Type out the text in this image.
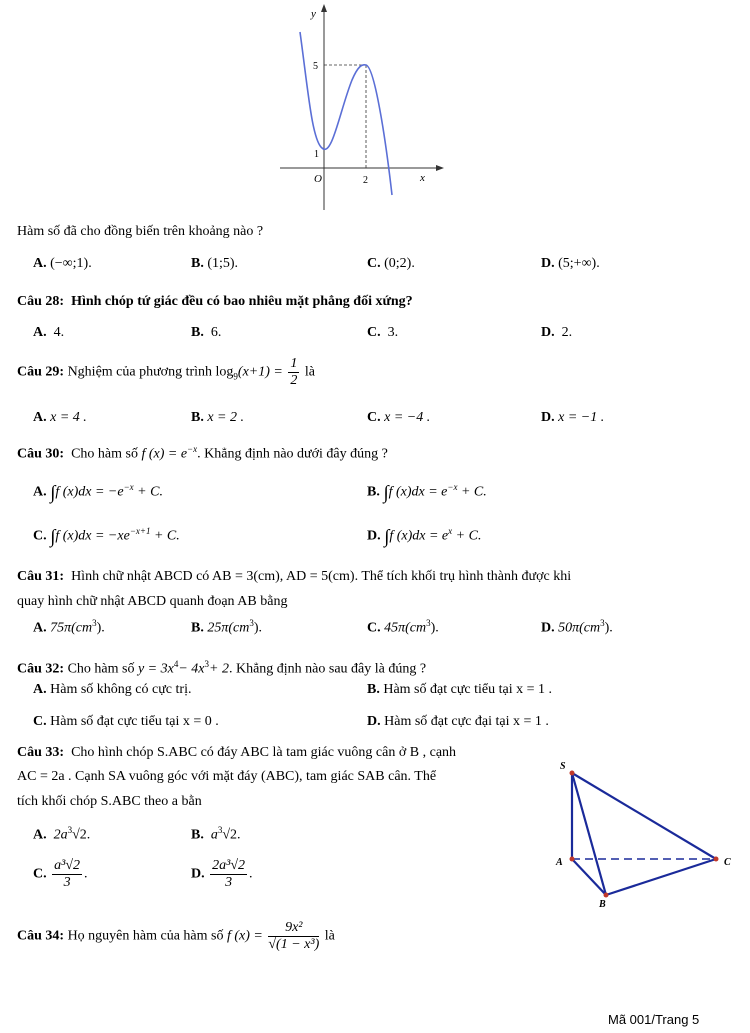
y
x
O
5
1
2
Hàm số đã cho đồng biến trên khoảng nào ?
A. (−∞;1).	B. (1;5).	C. (0;2).	D. (5;+∞).
Câu 28: Hình chóp tứ giác đều có bao nhiêu mặt phẳng đối xứng?
A. 4.	B. 6.	C. 3.	D. 2.
Câu 29: Nghiệm của phương trình $\log_9(x+1) = \frac{1}{2}$ là
A. x = 4 .	B. x = 2 .	C. x = −4 .	D. x = −1 .
Câu 30: Cho hàm số f $(x) = e^{-x}$. Khẳng định nào dưới đây đúng ?
A. ∫f $(x)dx = -e^{-x} + C$.	B. ∫f $(x)dx = e^{-x} + C$.
C. ∫f $(x)dx = -xe^{-x+1} + C$.	D. ∫f $(x)dx = e^x + C$.
Câu 31: Hình chữ nhật ABCD có AB = 3(cm), AD = 5(cm). Thể tích khối trụ hình thành được khi
quay hình chữ nhật ABCD quanh đoạn AB bằng
A. $75\pi(cm^3)$.	B. $25\pi(cm^3)$.	C. $45\pi(cm^3)$.	D. $50\pi(cm^3)$.
Câu 32: Cho hàm số $y = 3x^4- 4x^3+ 2$. Khẳng định nào sau đây là đúng ?
A. Hàm số không có cực trị.	B. Hàm số đạt cực tiểu tại x = 1 .
C. Hàm số đạt cực tiểu tại x = 0 .	D. Hàm số đạt cực đại tại x = 1 .
Câu 33: Cho hình chóp S.ABC có đáy ABC là tam giác vuông cân ở B , cạnh
AC = 2a . Cạnh SA vuông góc với mặt đáy (ABC), tam giác SAB cân. Thể
tích khối chóp S.ABC theo a bằn
A. $2a^3√2$.	B. $a^3√2$.
C. $\frac{\text{a³√2}}{3}$ .	D. $\frac{\text{2a³√2}}{3}$ .
S
A
B
C
Câu 34: Họ nguyên hàm của hàm số f $(x) = \frac{\text{9x²}}{\text{√(1 − x³)}}$ là
Mã 001/Trang 5
